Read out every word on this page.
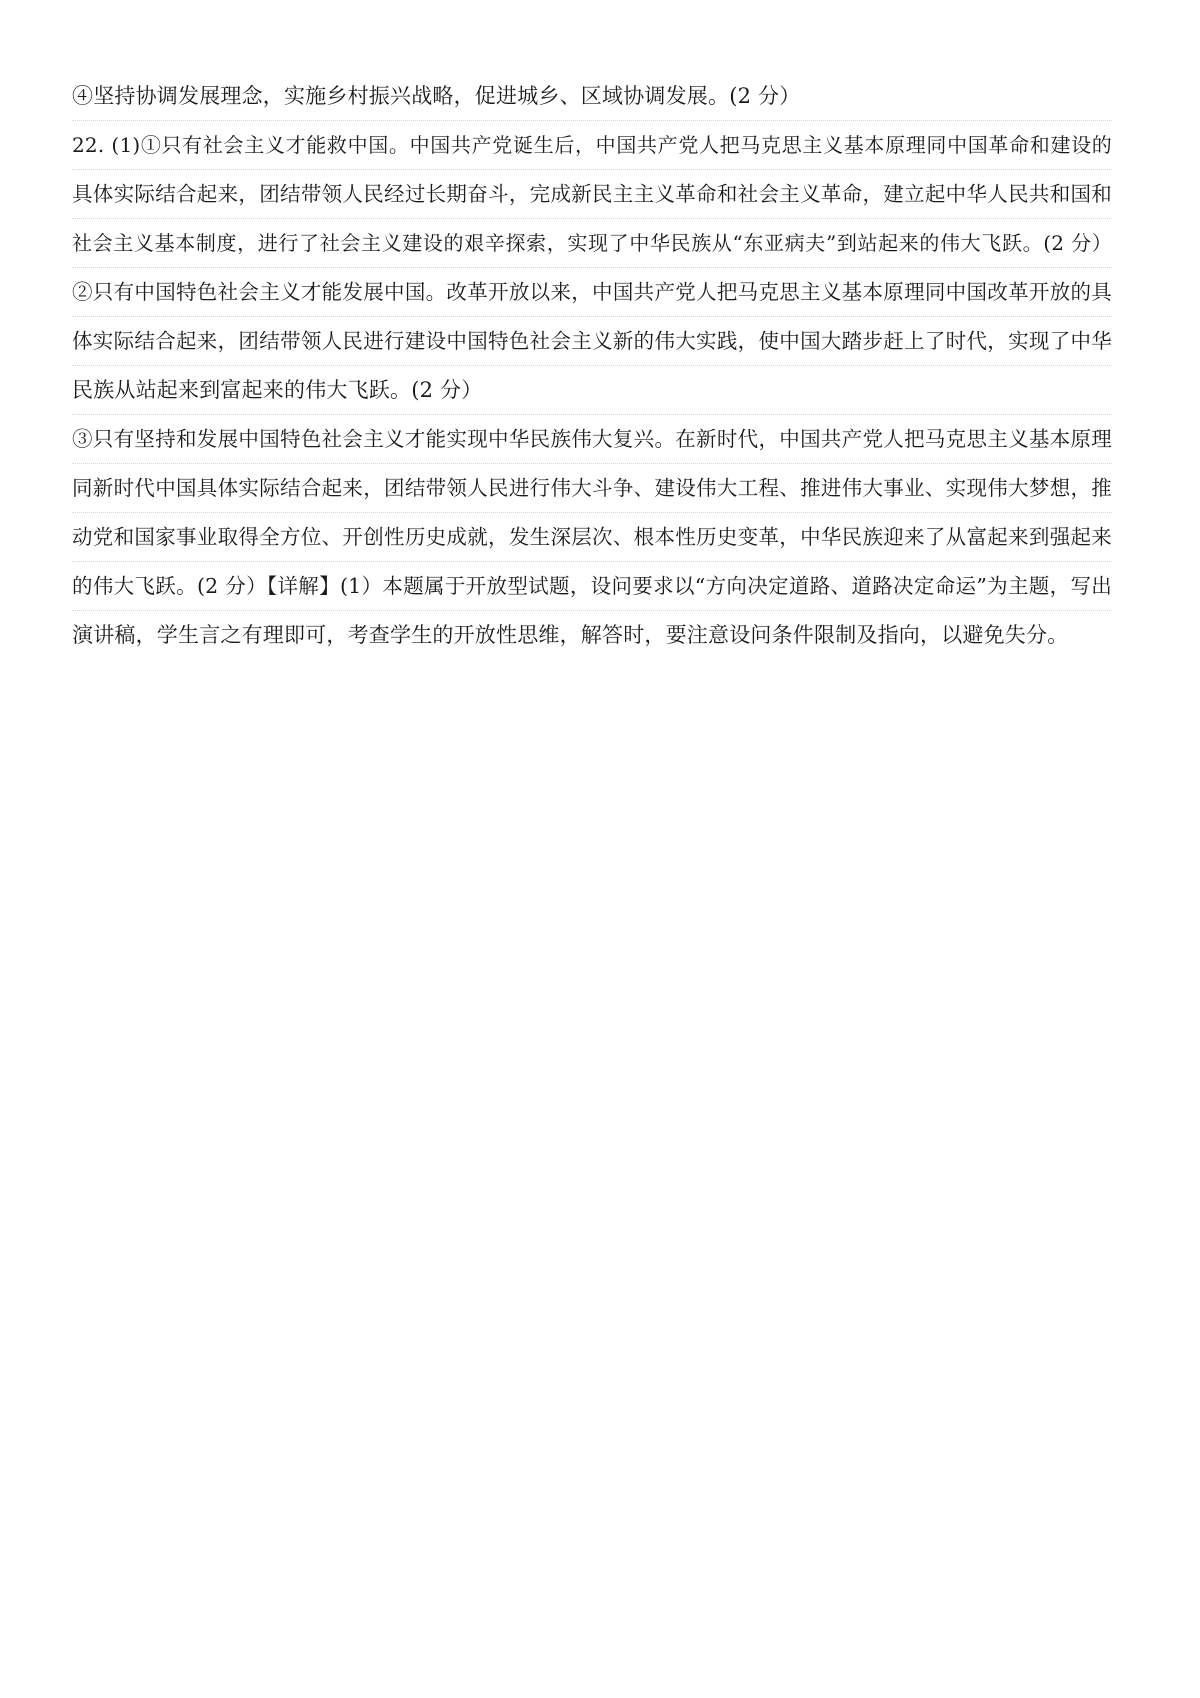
④坚持协调发展理念，实施乡村振兴战略，促进城乡、区域协调发展。(2 分）
22. (1)①只有社会主义才能救中国。中国共产党诞生后，中国共产党人把马克思主义基本原理同中国革命和建设的
具体实际结合起来，团结带领人民经过长期奋斗，完成新民主主义革命和社会主义革命，建立起中华人民共和国和
社会主义基本制度，进行了社会主义建设的艰辛探索，实现了中华民族从“东亚病夫”到站起来的伟大飞跃。(2 分）
②只有中国特色社会主义才能发展中国。改革开放以来，中国共产党人把马克思主义基本原理同中国改革开放的具
体实际结合起来，团结带领人民进行建设中国特色社会主义新的伟大实践，使中国大踏步赶上了时代，实现了中华
民族从站起来到富起来的伟大飞跃。(2 分）
③只有坚持和发展中国特色社会主义才能实现中华民族伟大复兴。在新时代，中国共产党人把马克思主义基本原理
同新时代中国具体实际结合起来，团结带领人民进行伟大斗争、建设伟大工程、推进伟大事业、实现伟大梦想，推
动党和国家事业取得全方位、开创性历史成就，发生深层次、根本性历史变革，中华民族迎来了从富起来到强起来
的伟大飞跃。(2 分）【详解】(1）本题属于开放型试题，设问要求以“方向决定道路、道路决定命运”为主题，写出
演讲稿，学生言之有理即可，考查学生的开放性思维，解答时，要注意设问条件限制及指向，以避免失分。
